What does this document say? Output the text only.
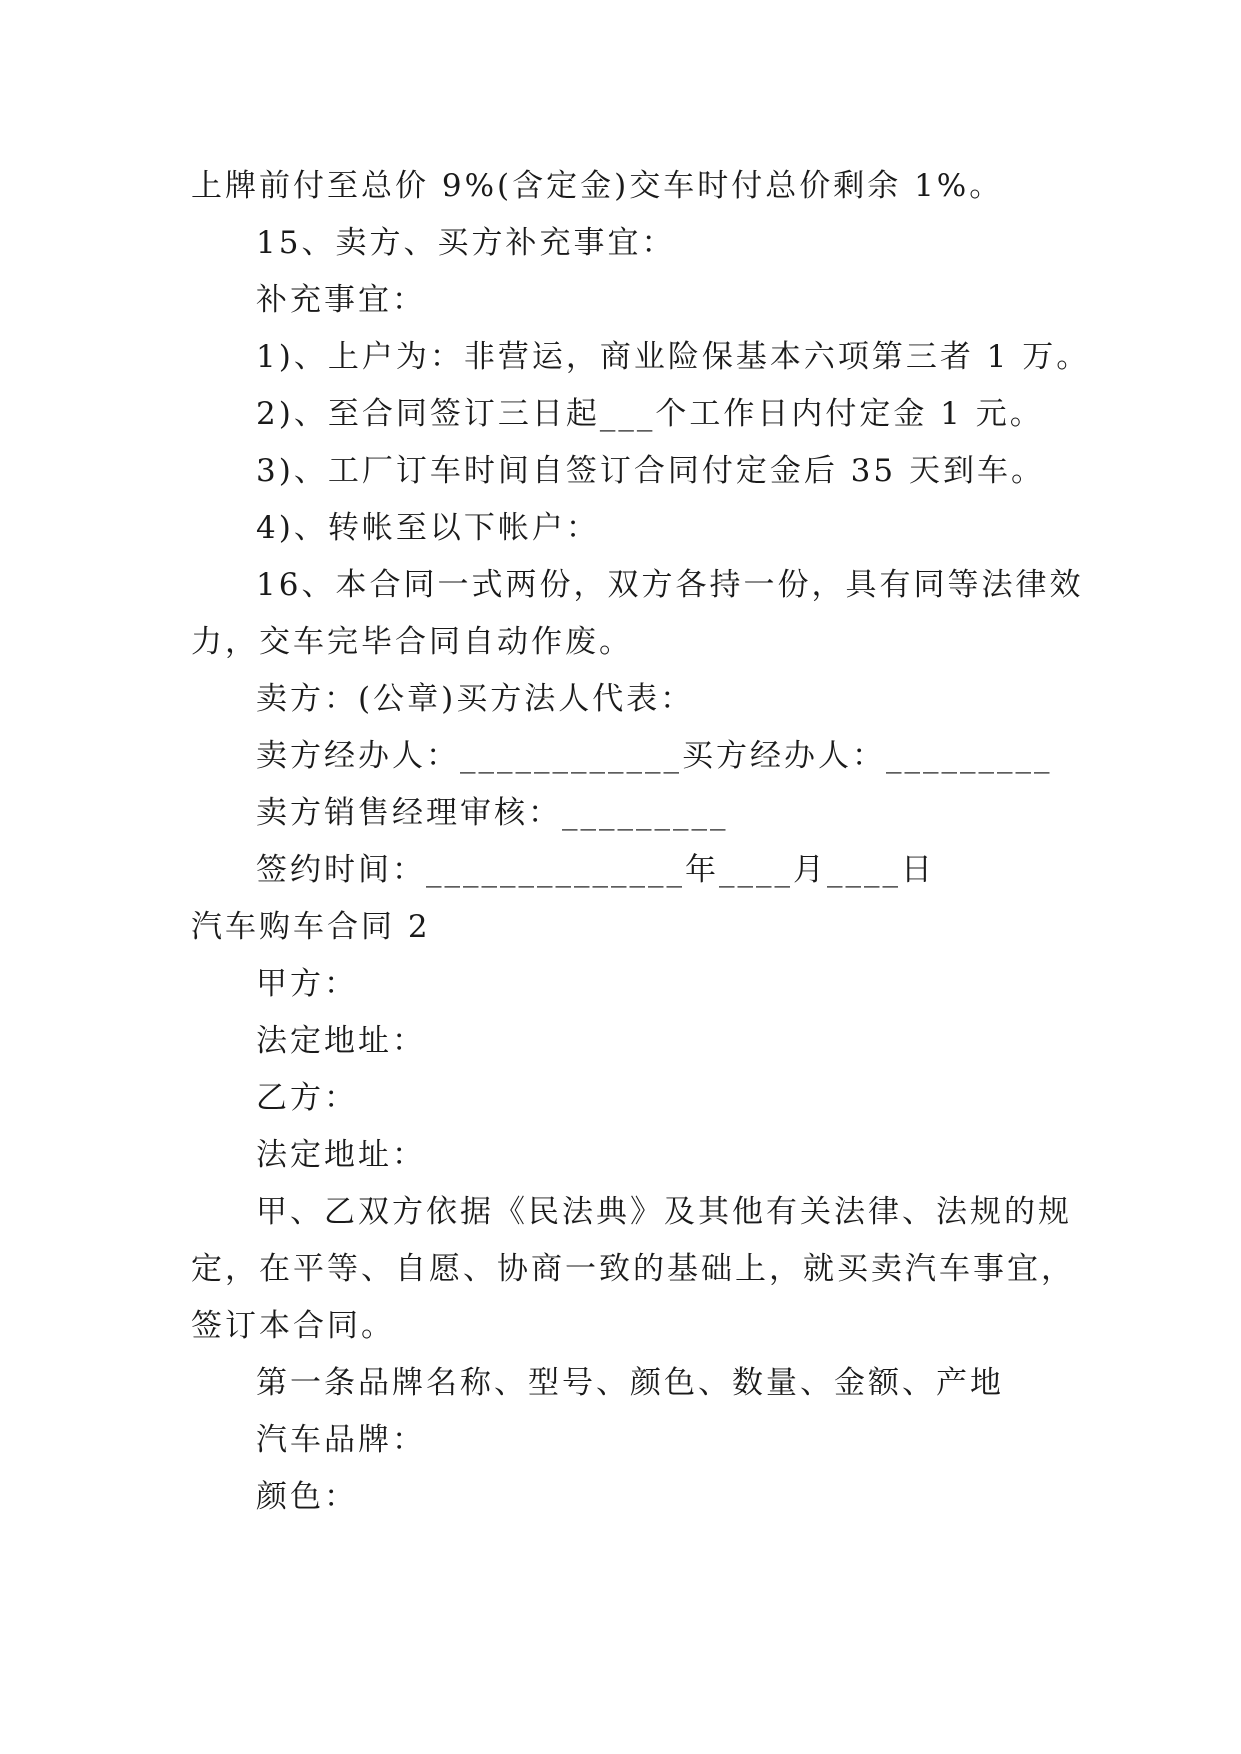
上牌前付至总价 9%(含定金)交车时付总价剩余 1%。
15、卖方、买方补充事宜：
补充事宜：
1)、上户为：非营运，商业险保基本六项第三者 1 万。
2)、至合同签订三日起___个工作日内付定金 1 元。
3)、工厂订车时间自签订合同付定金后 35 天到车。
4)、转帐至以下帐户：
16、本合同一式两份，双方各持一份，具有同等法律效
力，交车完毕合同自动作废。
卖方：(公章)买方法人代表：
卖方经办人：____________买方经办人：_________
卖方销售经理审核：_________
签约时间：______________年____月____日
汽车购车合同 2
甲方：
法定地址：
乙方：
法定地址：
甲、乙双方依据《民法典》及其他有关法律、法规的规
定，在平等、自愿、协商一致的基础上，就买卖汽车事宜，
签订本合同。
第一条品牌名称、型号、颜色、数量、金额、产地
汽车品牌：
颜色：
